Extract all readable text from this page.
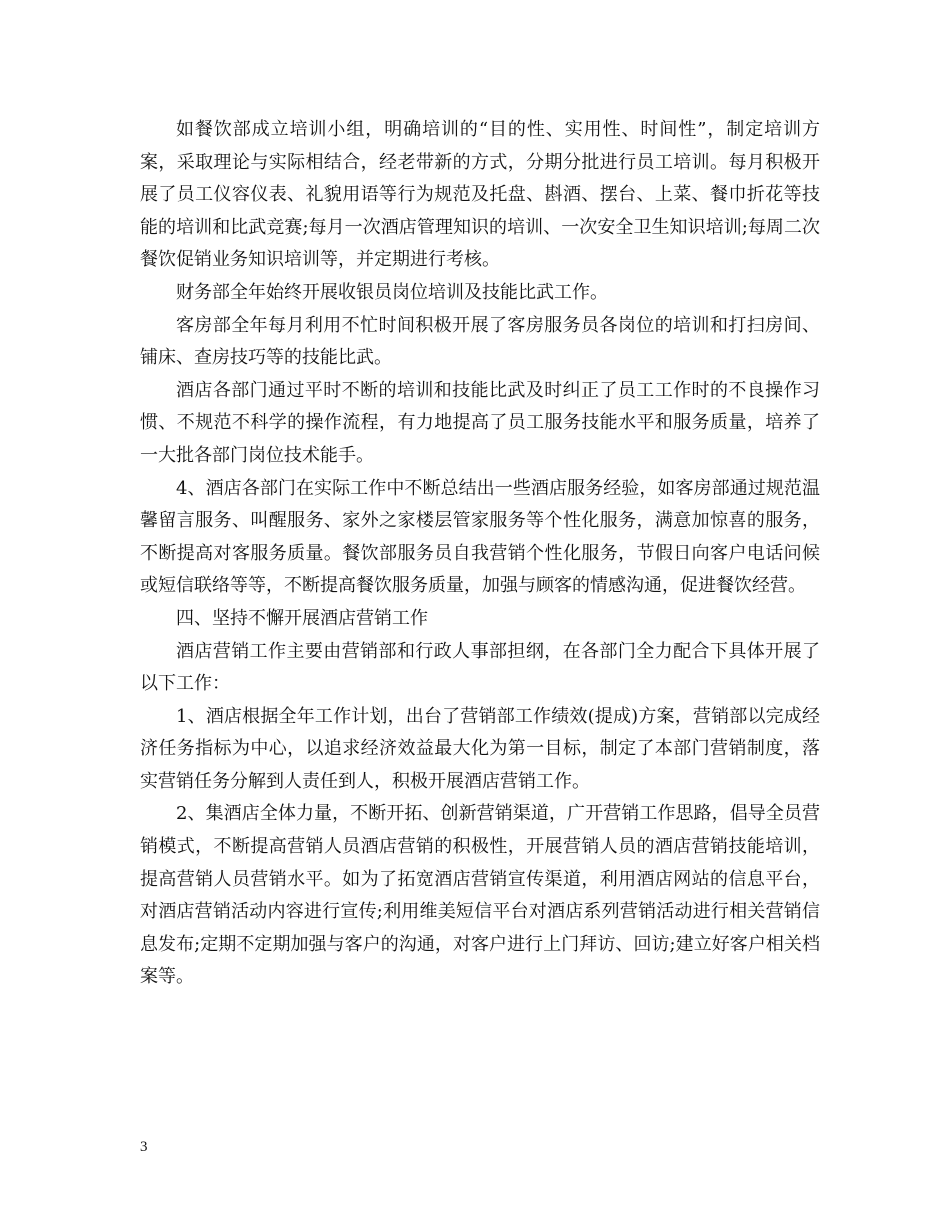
如餐饮部成立培训小组，明确培训的“目的性、实用性、时间性”，制定培训方案，采取理论与实际相结合，经老带新的方式，分期分批进行员工培训。每月积极开展了员工仪容仪表、礼貌用语等行为规范及托盘、斟酒、摆台、上菜、餐巾折花等技能的培训和比武竞赛;每月一次酒店管理知识的培训、一次安全卫生知识培训;每周二次餐饮促销业务知识培训等，并定期进行考核。

财务部全年始终开展收银员岗位培训及技能比武工作。

客房部全年每月利用不忙时间积极开展了客房服务员各岗位的培训和打扫房间、铺床、查房技巧等的技能比武。

酒店各部门通过平时不断的培训和技能比武及时纠正了员工工作时的不良操作习惯、不规范不科学的操作流程，有力地提高了员工服务技能水平和服务质量，培养了一大批各部门岗位技术能手。

4、酒店各部门在实际工作中不断总结出一些酒店服务经验，如客房部通过规范温馨留言服务、叫醒服务、家外之家楼层管家服务等个性化服务，满意加惊喜的服务，不断提高对客服务质量。餐饮部服务员自我营销个性化服务，节假日向客户电话问候或短信联络等等，不断提高餐饮服务质量，加强与顾客的情感沟通，促进餐饮经营。

四、坚持不懈开展酒店营销工作

酒店营销工作主要由营销部和行政人事部担纲，在各部门全力配合下具体开展了以下工作：

1、酒店根据全年工作计划，出台了营销部工作绩效(提成)方案，营销部以完成经济任务指标为中心，以追求经济效益最大化为第一目标，制定了本部门营销制度，落实营销任务分解到人责任到人，积极开展酒店营销工作。

2、集酒店全体力量，不断开拓、创新营销渠道，广开营销工作思路，倡导全员营销模式，不断提高营销人员酒店营销的积极性，开展营销人员的酒店营销技能培训，提高营销人员营销水平。如为了拓宽酒店营销宣传渠道，利用酒店网站的信息平台，对酒店营销活动内容进行宣传;利用维美短信平台对酒店系列营销活动进行相关营销信息发布;定期不定期加强与客户的沟通，对客户进行上门拜访、回访;建立好客户相关档案等。

3
